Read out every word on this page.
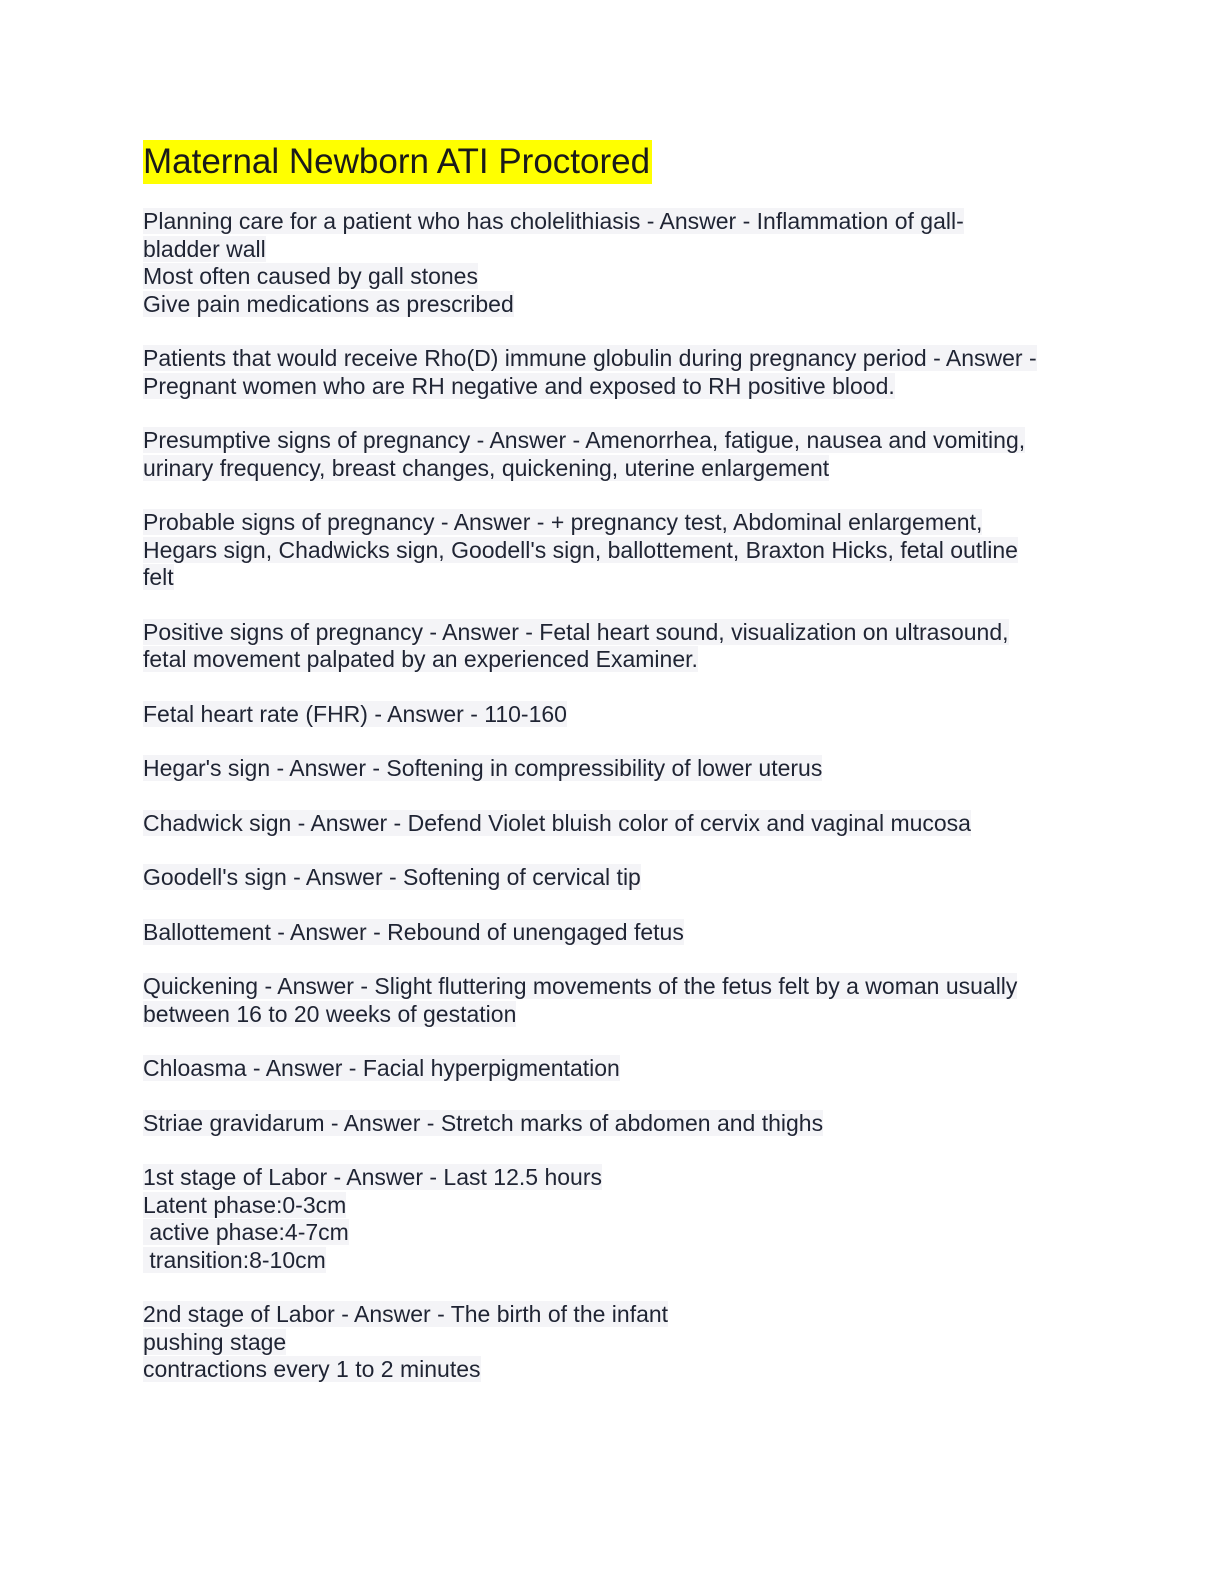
Maternal Newborn ATI Proctored
Planning care for a patient who has cholelithiasis - Answer - Inflammation of gall-
bladder wall
Most often caused by gall stones
Give pain medications as prescribed
Patients that would receive Rho(D) immune globulin during pregnancy period - Answer -
Pregnant women who are RH negative and exposed to RH positive blood.
Presumptive signs of pregnancy - Answer - Amenorrhea, fatigue, nausea and vomiting,
urinary frequency, breast changes, quickening, uterine enlargement
Probable signs of pregnancy - Answer - + pregnancy test, Abdominal enlargement,
Hegars sign, Chadwicks sign, Goodell's sign, ballottement, Braxton Hicks, fetal outline
felt
Positive signs of pregnancy - Answer - Fetal heart sound, visualization on ultrasound,
fetal movement palpated by an experienced Examiner.
Fetal heart rate (FHR) - Answer - 110-160
Hegar's sign - Answer - Softening in compressibility of lower uterus
Chadwick sign - Answer - Defend Violet bluish color of cervix and vaginal mucosa
Goodell's sign - Answer - Softening of cervical tip
Ballottement - Answer - Rebound of unengaged fetus
Quickening - Answer - Slight fluttering movements of the fetus felt by a woman usually
between 16 to 20 weeks of gestation
Chloasma - Answer - Facial hyperpigmentation
Striae gravidarum - Answer - Stretch marks of abdomen and thighs
1st stage of Labor - Answer - Last 12.5 hours
Latent phase:0-3cm
active phase:4-7cm
transition:8-10cm
2nd stage of Labor - Answer - The birth of the infant
pushing stage
contractions every 1 to 2 minutes
